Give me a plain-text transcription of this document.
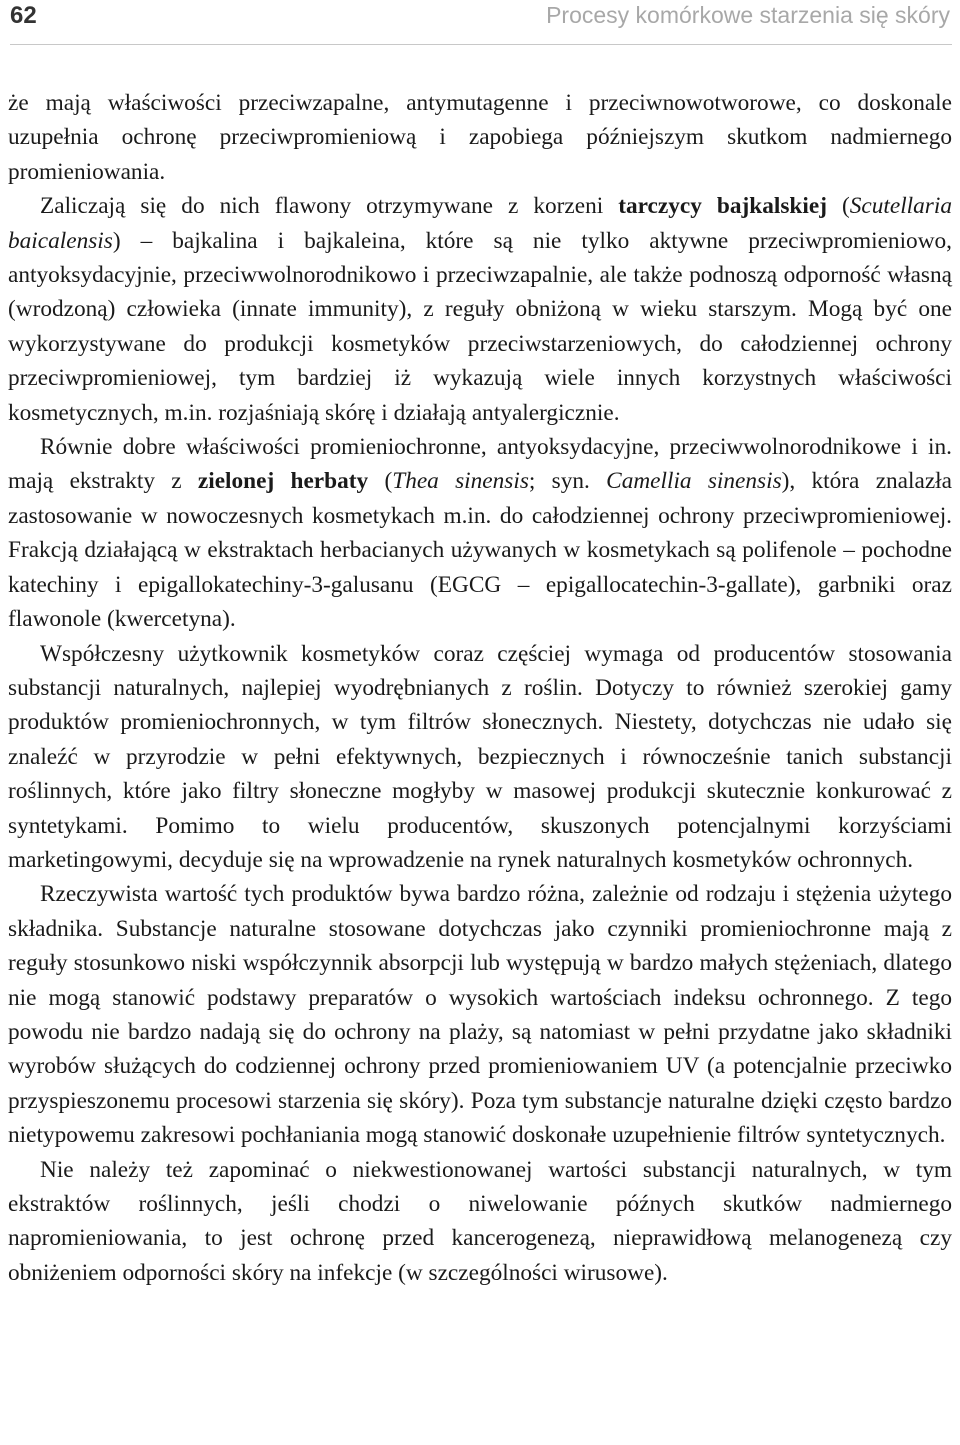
62	Procesy komórkowe starzenia się skóry

że mają właściwości przeciwzapalne, antymutagenne i przeciwnowotworowe, co doskonale uzupełnia ochronę przeciwpromieniową i zapobiega późniejszym skutkom nadmiernego promieniowania.

Zaliczają się do nich flawony otrzymywane z korzeni tarczycy bajkalskiej (Scutellaria baicalensis) – bajkalina i bajkaleina, które są nie tylko aktywne przeciwpromieniowo, antyoksydacyjnie, przeciwwolnorodnikowo i przeciwzapalnie, ale także podnoszą odporność własną (wrodzoną) człowieka (innate immunity), z reguły obniżoną w wieku starszym. Mogą być one wykorzystywane do produkcji kosmetyków przeciwstarzeniowych, do całodziennej ochrony przeciwpromieniowej, tym bardziej iż wykazują wiele innych korzystnych właściwości kosmetycznych, m.in. rozjaśniają skórę i działają antyalergicznie.

Równie dobre właściwości promieniochronne, antyoksydacyjne, przeciwwolnorodnikowe i in. mają ekstrakty z zielonej herbaty (Thea sinensis; syn. Camellia sinensis), która znalazła zastosowanie w nowoczesnych kosmetykach m.in. do całodziennej ochrony przeciwpromieniowej. Frakcją działającą w ekstraktach herbacianych używanych w kosmetykach są polifenole – pochodne katechiny i epigallokatechiny-3-galusanu (EGCG – epigallocatechin-3-gallate), garbniki oraz flawonole (kwercetyna).

Współczesny użytkownik kosmetyków coraz częściej wymaga od producentów stosowania substancji naturalnych, najlepiej wyodrębnianych z roślin. Dotyczy to również szerokiej gamy produktów promieniochronnych, w tym filtrów słonecznych. Niestety, dotychczas nie udało się znaleźć w przyrodzie w pełni efektywnych, bezpiecznych i równocześnie tanich substancji roślinnych, które jako filtry słoneczne mogłyby w masowej produkcji skutecznie konkurować z syntetykami. Pomimo to wielu producentów, skuszonych potencjalnymi korzyściami marketingowymi, decyduje się na wprowadzenie na rynek naturalnych kosmetyków ochronnych.

Rzeczywista wartość tych produktów bywa bardzo różna, zależnie od rodzaju i stężenia użytego składnika. Substancje naturalne stosowane dotychczas jako czynniki promieniochronne mają z reguły stosunkowo niski współczynnik absorpcji lub występują w bardzo małych stężeniach, dlatego nie mogą stanowić podstawy preparatów o wysokich wartościach indeksu ochronnego. Z tego powodu nie bardzo nadają się do ochrony na plaży, są natomiast w pełni przydatne jako składniki wyrobów służących do codziennej ochrony przed promieniowaniem UV (a potencjalnie przeciwko przyspieszonemu procesowi starzenia się skóry). Poza tym substancje naturalne dzięki często bardzo nietypowemu zakresowi pochłaniania mogą stanowić doskonałe uzupełnienie filtrów syntetycznych.

Nie należy też zapominać o niekwestionowanej wartości substancji naturalnych, w tym ekstraktów roślinnych, jeśli chodzi o niwelowanie późnych skutków nadmiernego napromieniowania, to jest ochronę przed kancerogenezą, nieprawidłową melanogenezą czy obniżeniem odporności skóry na infekcje (w szczególności wirusowe).
